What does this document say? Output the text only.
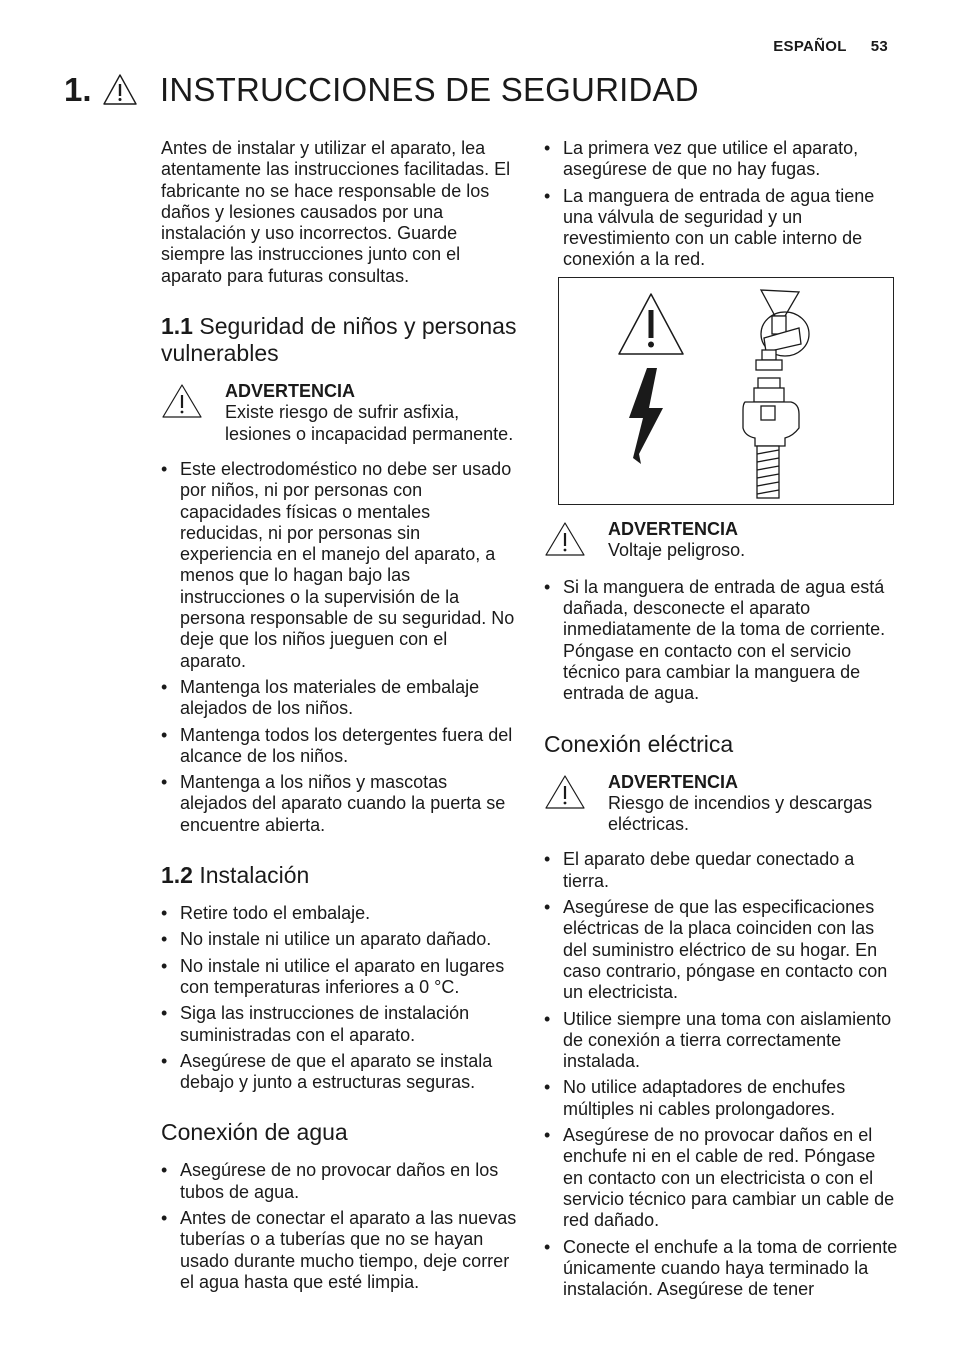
ESPAÑOL 53
1.	INSTRUCCIONES DE SEGURIDAD

Antes de instalar y utilizar el aparato, lea atentamente las instrucciones facilitadas. El fabricante no se hace responsable de los daños y lesiones causados por una instalación y uso incorrectos. Guarde siempre las instrucciones junto con el aparato para futuras consultas.

1.1 Seguridad de niños y personas vulnerables
ADVERTENCIA
Existe riesgo de sufrir asfixia, lesiones o incapacidad permanente.
• Este electrodoméstico no debe ser usado por niños, ni por personas con capacidades físicas o mentales reducidas, ni por personas sin experiencia en el manejo del aparato, a menos que lo hagan bajo las instrucciones o la supervisión de la persona responsable de su seguridad. No deje que los niños jueguen con el aparato.
• Mantenga los materiales de embalaje alejados de los niños.
• Mantenga todos los detergentes fuera del alcance de los niños.
• Mantenga a los niños y mascotas alejados del aparato cuando la puerta se encuentre abierta.
1.2 Instalación
• Retire todo el embalaje.
• No instale ni utilice un aparato dañado.
• No instale ni utilice el aparato en lugares con temperaturas inferiores a 0 °C.
• Siga las instrucciones de instalación suministradas con el aparato.
• Asegúrese de que el aparato se instala debajo y junto a estructuras seguras.
Conexión de agua
• Asegúrese de no provocar daños en los tubos de agua.
• Antes de conectar el aparato a las nuevas tuberías o a tuberías que no se hayan usado durante mucho tiempo, deje correr el agua hasta que esté limpia.
• La primera vez que utilice el aparato, asegúrese de que no hay fugas.
• La manguera de entrada de agua tiene una válvula de seguridad y un revestimiento con un cable interno de conexión a la red.
ADVERTENCIA
Voltaje peligroso.
• Si la manguera de entrada de agua está dañada, desconecte el aparato inmediatamente de la toma de corriente. Póngase en contacto con el servicio técnico para cambiar la manguera de entrada de agua.
Conexión eléctrica
ADVERTENCIA
Riesgo de incendios y descargas eléctricas.
• El aparato debe quedar conectado a tierra.
• Asegúrese de que las especificaciones eléctricas de la placa coinciden con las del suministro eléctrico de su hogar. En caso contrario, póngase en contacto con un electricista.
• Utilice siempre una toma con aislamiento de conexión a tierra correctamente instalada.
• No utilice adaptadores de enchufes múltiples ni cables prolongadores.
• Asegúrese de no provocar daños en el enchufe ni en el cable de red. Póngase en contacto con un electricista o con el servicio técnico para cambiar un cable de red dañado.
• Conecte el enchufe a la toma de corriente únicamente cuando haya terminado la instalación. Asegúrese de tener
